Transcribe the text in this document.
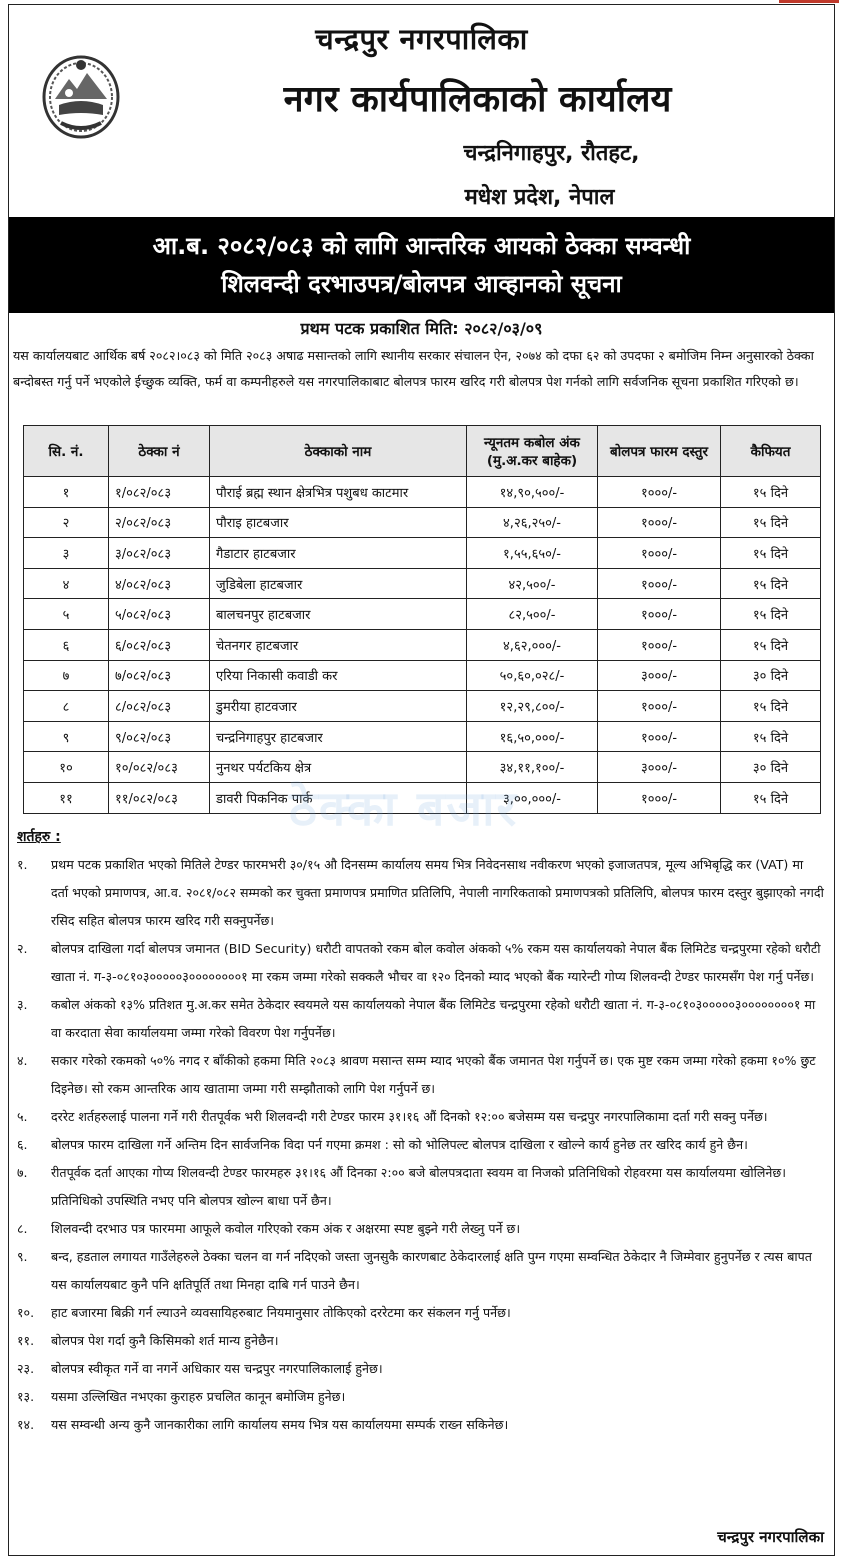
चन्द्रपुर नगरपालिका
नगर कार्यपालिकाको कार्यालय
चन्द्रनिगाहपुर, रौतहट,
मधेश प्रदेश, नेपाल
आ.ब. २०८२/०८३ को लागि आन्तरिक आयको ठेक्का सम्वन्धी
शिलवन्दी दरभाउपत्र/बोलपत्र आव्हानको सूचना
प्रथम पटक प्रकाशित मिति: २०८२/०३/०९
यस कार्यालयबाट आर्थिक बर्ष २०८२।०८३ को मिति २०८३ अषाढ मसान्तको लागि स्थानीय सरकार संचालन ऐन, २०७४ को दफा ६२ को उपदफा २ बमोजिम निम्न अनुसारको ठेक्का बन्दोबस्त गर्नु पर्ने भएकोले ईच्छुक व्यक्ति, फर्म वा कम्पनीहरुले यस नगरपालिकाबाट बोलपत्र फारम खरिद गरी बोलपत्र पेश गर्नको लागि सर्वजनिक सूचना प्रकाशित गरिएको छ।
सि. नं.	ठेक्का नं	ठेक्काको नाम	न्यूनतम कबोल अंक (मु.अ.कर बाहेक)	बोलपत्र फारम दस्तुर	कैफियत
१	१/०८२/०८३	पौराई ब्रह्म स्थान क्षेत्रभित्र पशुबध काटमार	१४,९०,५००/-	१०००/-	१५ दिने
२	२/०८२/०८३	पौराइ हाटबजार	४,२६,२५०/-	१०००/-	१५ दिने
३	३/०८२/०८३	गैडाटार हाटबजार	१,५५,६५०/-	१०००/-	१५ दिने
४	४/०८२/०८३	जुडिबेला हाटबजार	४२,५००/-	१०००/-	१५ दिने
५	५/०८२/०८३	बालचनपुर हाटबजार	८२,५००/-	१०००/-	१५ दिने
६	६/०८२/०८३	चेतनगर हाटबजार	४,६२,०००/-	१०००/-	१५ दिने
७	७/०८२/०८३	एरिया निकासी कवाडी कर	५०,६०,०२८/-	३०००/-	३० दिने
८	८/०८२/०८३	डुमरीया हाटवजार	१२,२९,८००/-	१०००/-	१५ दिने
९	९/०८२/०८३	चन्द्रनिगाहपुर हाटबजार	१६,५०,०००/-	१०००/-	१५ दिने
१०	१०/०८२/०८३	नुनथर पर्यटकिय क्षेत्र	३४,११,१००/-	३०००/-	३० दिने
११	११/०८२/०८३	डावरी पिकनिक पार्क	३,००,०००/-	१०००/-	१५ दिने
ठेक्का बजार
शर्तहरु :
१.	प्रथम पटक प्रकाशित भएको मितिले टेण्डर फारमभरी ३०/१५ औ दिनसम्म कार्यालय समय भित्र निवेदनसाथ नवीकरण भएको इजाजतपत्र, मूल्य अभिबृद्धि कर (VAT) मा दर्ता भएको प्रमाणपत्र, आ.व. २०८१/०८२ सम्मको कर चुक्ता प्रमाणपत्र प्रमाणित प्रतिलिपि, नेपाली नागरिकताको प्रमाणपत्रको प्रतिलिपि, बोलपत्र फारम दस्तुर बुझाएको नगदी रसिद सहित बोलपत्र फारम खरिद गरी सक्नुपर्नेछ।
२.	बोलपत्र दाखिला गर्दा बोलपत्र जमानत (BID Security) धरौटी वापतको रकम बोल कवोल अंकको ५% रकम यस कार्यालयको नेपाल बैंक लिमिटेड चन्द्रपुरमा रहेको धरौटी खाता नं. ग-३-०८१०३०००००३००००००००१ मा रकम जम्मा गरेको सक्कलै भौचर वा १२० दिनको म्याद भएको बैंक ग्यारेन्टी गोप्य शिलवन्दी टेण्डर फारमसँग पेश गर्नु पर्नेछ।
३.	कबोल अंकको १३% प्रतिशत मु.अ.कर समेत ठेकेदार स्वयमले यस कार्यालयको नेपाल बैंक लिमिटेड चन्द्रपुरमा रहेको धरौटी खाता नं. ग-३-०८१०३०००००३००००००००१ मा वा करदाता सेवा कार्यालयमा जम्मा गरेको विवरण पेश गर्नुपर्नेछ।
४.	सकार गरेको रकमको ५०% नगद र बाँकीको हकमा मिति २०८३ श्रावण मसान्त सम्म म्याद भएको बैंक जमानत पेश गर्नुपर्ने छ। एक मुष्ट रकम जम्मा गरेको हकमा १०% छुट दिइनेछ। सो रकम आन्तरिक आय खातामा जम्मा गरी सम्झौताको लागि पेश गर्नुपर्ने छ।
५.	दररेट शर्तहरुलाई पालना गर्ने गरी रीतपूर्वक भरी शिलवन्दी गरी टेण्डर फारम ३१।१६ औं दिनको १२:०० बजेसम्म यस चन्द्रपुर नगरपालिकामा दर्ता गरी सक्नु पर्नेछ।
६.	बोलपत्र फारम दाखिला गर्ने अन्तिम दिन सार्वजनिक विदा पर्न गएमा क्रमश : सो को भोलिपल्ट बोलपत्र दाखिला र खोल्ने कार्य हुनेछ तर खरिद कार्य हुने छैन।
७.	रीतपूर्वक दर्ता आएका गोप्य शिलवन्दी टेण्डर फारमहरु ३१।१६ औं दिनका २:०० बजे बोलपत्रदाता स्वयम वा निजको प्रतिनिधिको रोहवरमा यस कार्यालयमा खोलिनेछ। प्रतिनिधिको उपस्थिति नभए पनि बोलपत्र खोल्न बाधा पर्ने छैन।
८.	शिलवन्दी दरभाउ पत्र फारममा आफूले कवोल गरिएको रकम अंक र अक्षरमा स्पष्ट बुझ्ने गरी लेख्नु पर्ने छ।
९.	बन्द, हडताल लगायत गाउँलेहरुले ठेक्का चलन वा गर्न नदिएको जस्ता जुनसुकै कारणबाट ठेकेदारलाई क्षति पुग्न गएमा सम्वन्धित ठेकेदार नै जिम्मेवार हुनुपर्नेछ र त्यस बापत यस कार्यालयबाट कुनै पनि क्षतिपूर्ति तथा मिनहा दाबि गर्न पाउने छैन।
१०.	हाट बजारमा बिक्री गर्न ल्याउने व्यवसायिहरुबाट नियमानुसार तोकिएको दररेटमा कर संकलन गर्नु पर्नेछ।
११.	बोलपत्र पेश गर्दा कुनै किसिमको शर्त मान्य हुनेछैन।
२३.	बोलपत्र स्वीकृत गर्ने वा नगर्ने अधिकार यस चन्द्रपुर नगरपालिकालाई हुनेछ।
१३.	यसमा उल्लिखित नभएका कुराहरु प्रचलित कानून बमोजिम हुनेछ।
१४.	यस सम्वन्धी अन्य कुनै जानकारीका लागि कार्यालय समय भित्र यस कार्यालयमा सम्पर्क राख्न सकिनेछ।
चन्द्रपुर नगरपालिका
